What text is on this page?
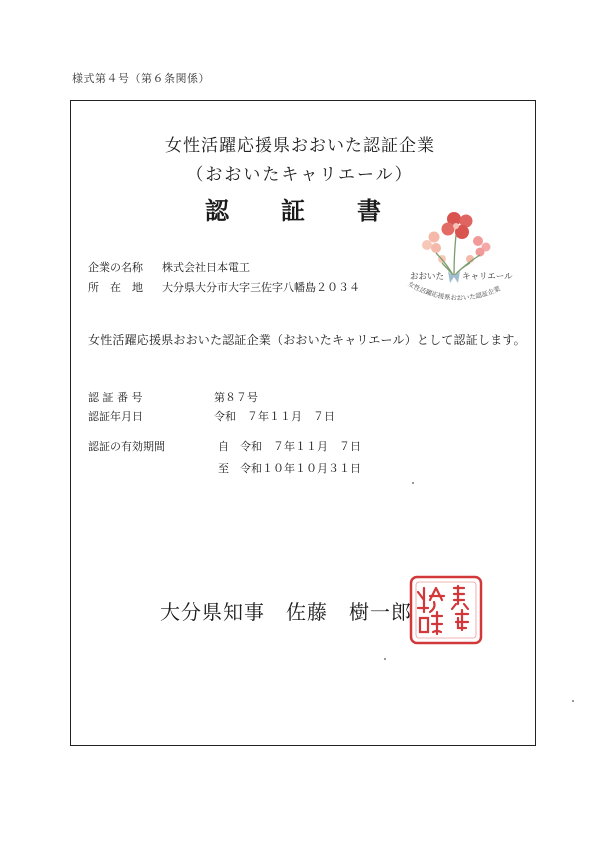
様式第４号（第６条関係）
女性活躍応援県おおいた認証企業
（おおいたキャリエール）
認　証　書
おおいた キャリエール
女性活躍応援県おおいた認証企業
企業の名称 株式会社日本電工
所　在　地 大分県大分市大字三佐字八幡島２０３４
女性活躍応援県おおいた認証企業（おおいたキャリエール）として認証します。
認 証 番 号	第８７号
認証年月日	令和　７年１１月　７日
認証の有効期間	自　令和　７年１１月　７日
至　令和１０年１０月３１日
大分県知事　佐藤　樹一郎
